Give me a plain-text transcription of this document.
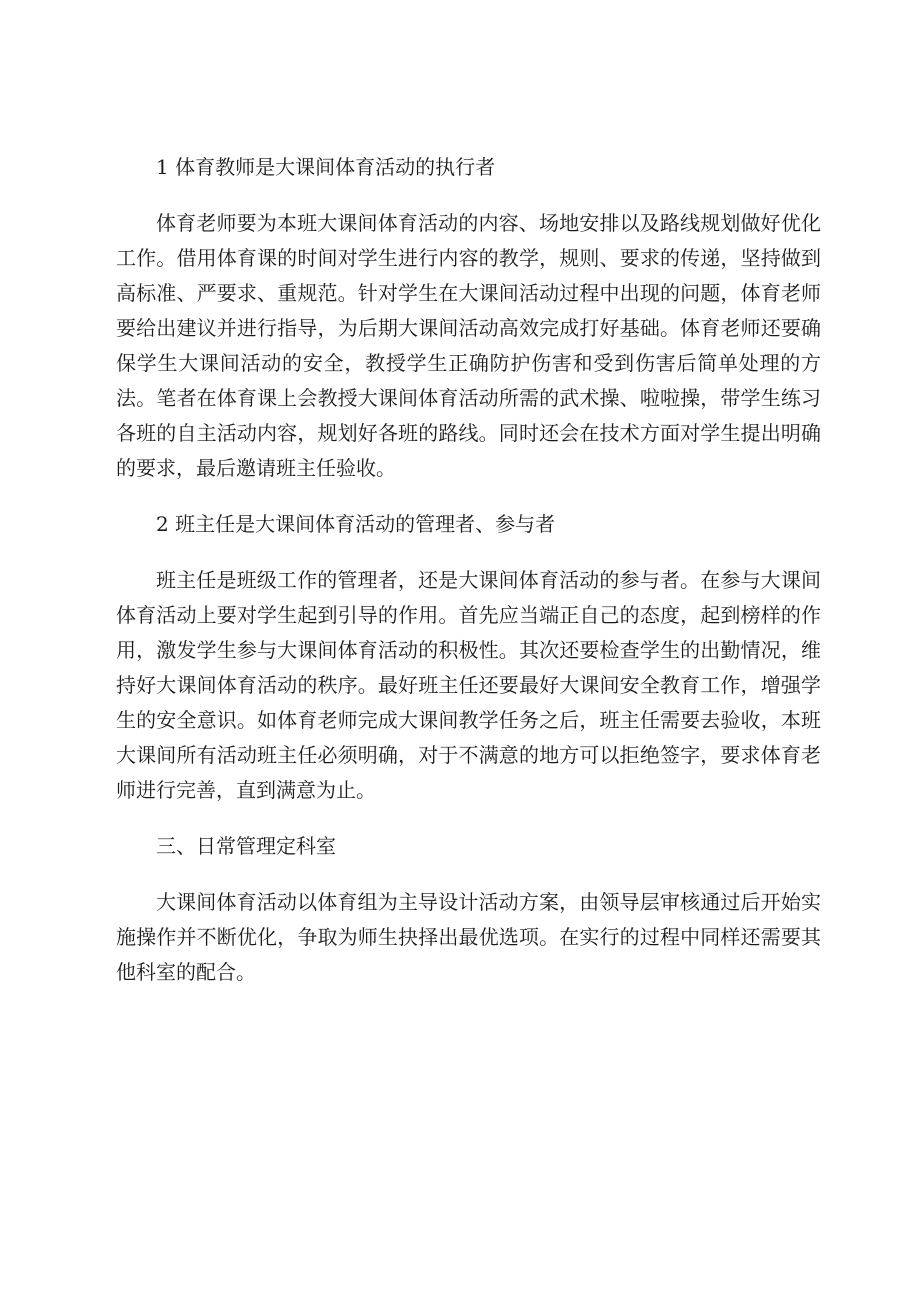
1 体育教师是大课间体育活动的执行者

体育老师要为本班大课间体育活动的内容、场地安排以及路线规划做好优化工作。借用体育课的时间对学生进行内容的教学，规则、要求的传递，坚持做到高标准、严要求、重规范。针对学生在大课间活动过程中出现的问题，体育老师要给出建议并进行指导，为后期大课间活动高效完成打好基础。体育老师还要确保学生大课间活动的安全，教授学生正确防护伤害和受到伤害后简单处理的方法。笔者在体育课上会教授大课间体育活动所需的武术操、啦啦操，带学生练习各班的自主活动内容，规划好各班的路线。同时还会在技术方面对学生提出明确的要求，最后邀请班主任验收。

2 班主任是大课间体育活动的管理者、参与者

班主任是班级工作的管理者，还是大课间体育活动的参与者。在参与大课间体育活动上要对学生起到引导的作用。首先应当端正自己的态度，起到榜样的作用，激发学生参与大课间体育活动的积极性。其次还要检查学生的出勤情况，维持好大课间体育活动的秩序。最好班主任还要最好大课间安全教育工作，增强学生的安全意识。如体育老师完成大课间教学任务之后，班主任需要去验收，本班大课间所有活动班主任必须明确，对于不满意的地方可以拒绝签字，要求体育老师进行完善，直到满意为止。

三、日常管理定科室

大课间体育活动以体育组为主导设计活动方案，由领导层审核通过后开始实施操作并不断优化，争取为师生抉择出最优选项。在实行的过程中同样还需要其他科室的配合。
